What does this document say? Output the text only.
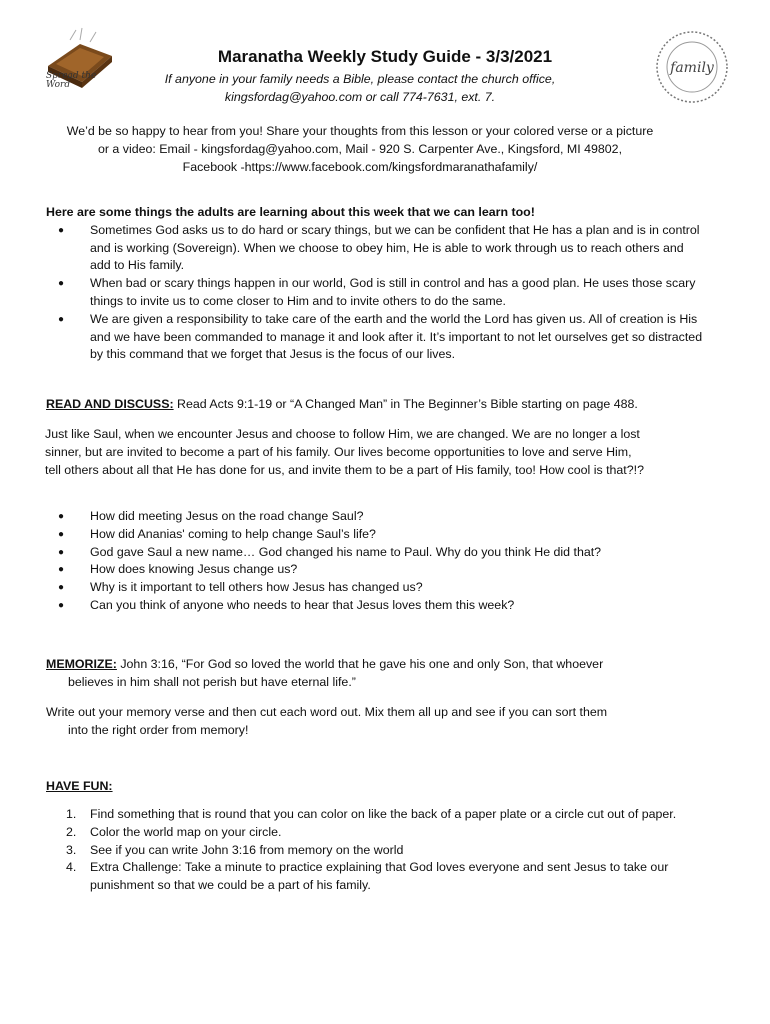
Spread the Word
family
Maranatha Weekly Study Guide - 3/3/2021

If anyone in your family needs a Bible, please contact the church office,

kingsfordag@yahoo.com or call 774-7631, ext. 7.

We’d be so happy to hear from you! Share your thoughts from this lesson or your colored verse or a picture

or a video: Email - kingsfordag@yahoo.com, Mail - 920 S. Carpenter Ave., Kingsford, MI 49802,

Facebook -https://www.facebook.com/kingsfordmaranathafamily/

Here are some things the adults are learning about this week that we can learn too!

● Sometimes God asks us to do hard or scary things, but we can be confident that He has a plan and is in control and is working (Sovereign). When we choose to obey him, He is able to work through us to reach others and add to His family.
● When bad or scary things happen in our world, God is still in control and has a good plan. He uses those scary things to invite us to come closer to Him and to invite others to do the same.
● We are given a responsibility to take care of the earth and the world the Lord has given us. All of creation is His and we have been commanded to manage it and look after it. It’s important to not let ourselves get so distracted by this command that we forget that Jesus is the focus of our lives.

READ AND DISCUSS: Read Acts 9:1-19 or “A Changed Man” in The Beginner’s Bible starting on page 488.

Just like Saul, when we encounter Jesus and choose to follow Him, we are changed. We are no longer a lost sinner, but are invited to become a part of his family. Our lives become opportunities to love and serve Him, tell others about all that He has done for us, and invite them to be a part of His family, too! How cool is that?!?

● How did meeting Jesus on the road change Saul?
● How did Ananias' coming to help change Saul’s life?
● God gave Saul a new name… God changed his name to Paul. Why do you think He did that?
● How does knowing Jesus change us?
● Why is it important to tell others how Jesus has changed us?
● Can you think of anyone who needs to hear that Jesus loves them this week?

MEMORIZE: John 3:16, “For God so loved the world that he gave his one and only Son, that whoever

believes in him shall not perish but have eternal life.”

Write out your memory verse and then cut each word out. Mix them all up and see if you can sort them

into the right order from memory!

HAVE FUN:

1. Find something that is round that you can color on like the back of a paper plate or a circle cut out of paper.
2. Color the world map on your circle.
3. See if you can write John 3:16 from memory on the world
4. Extra Challenge: Take a minute to practice explaining that God loves everyone and sent Jesus to take our punishment so that we could be a part of his family.
